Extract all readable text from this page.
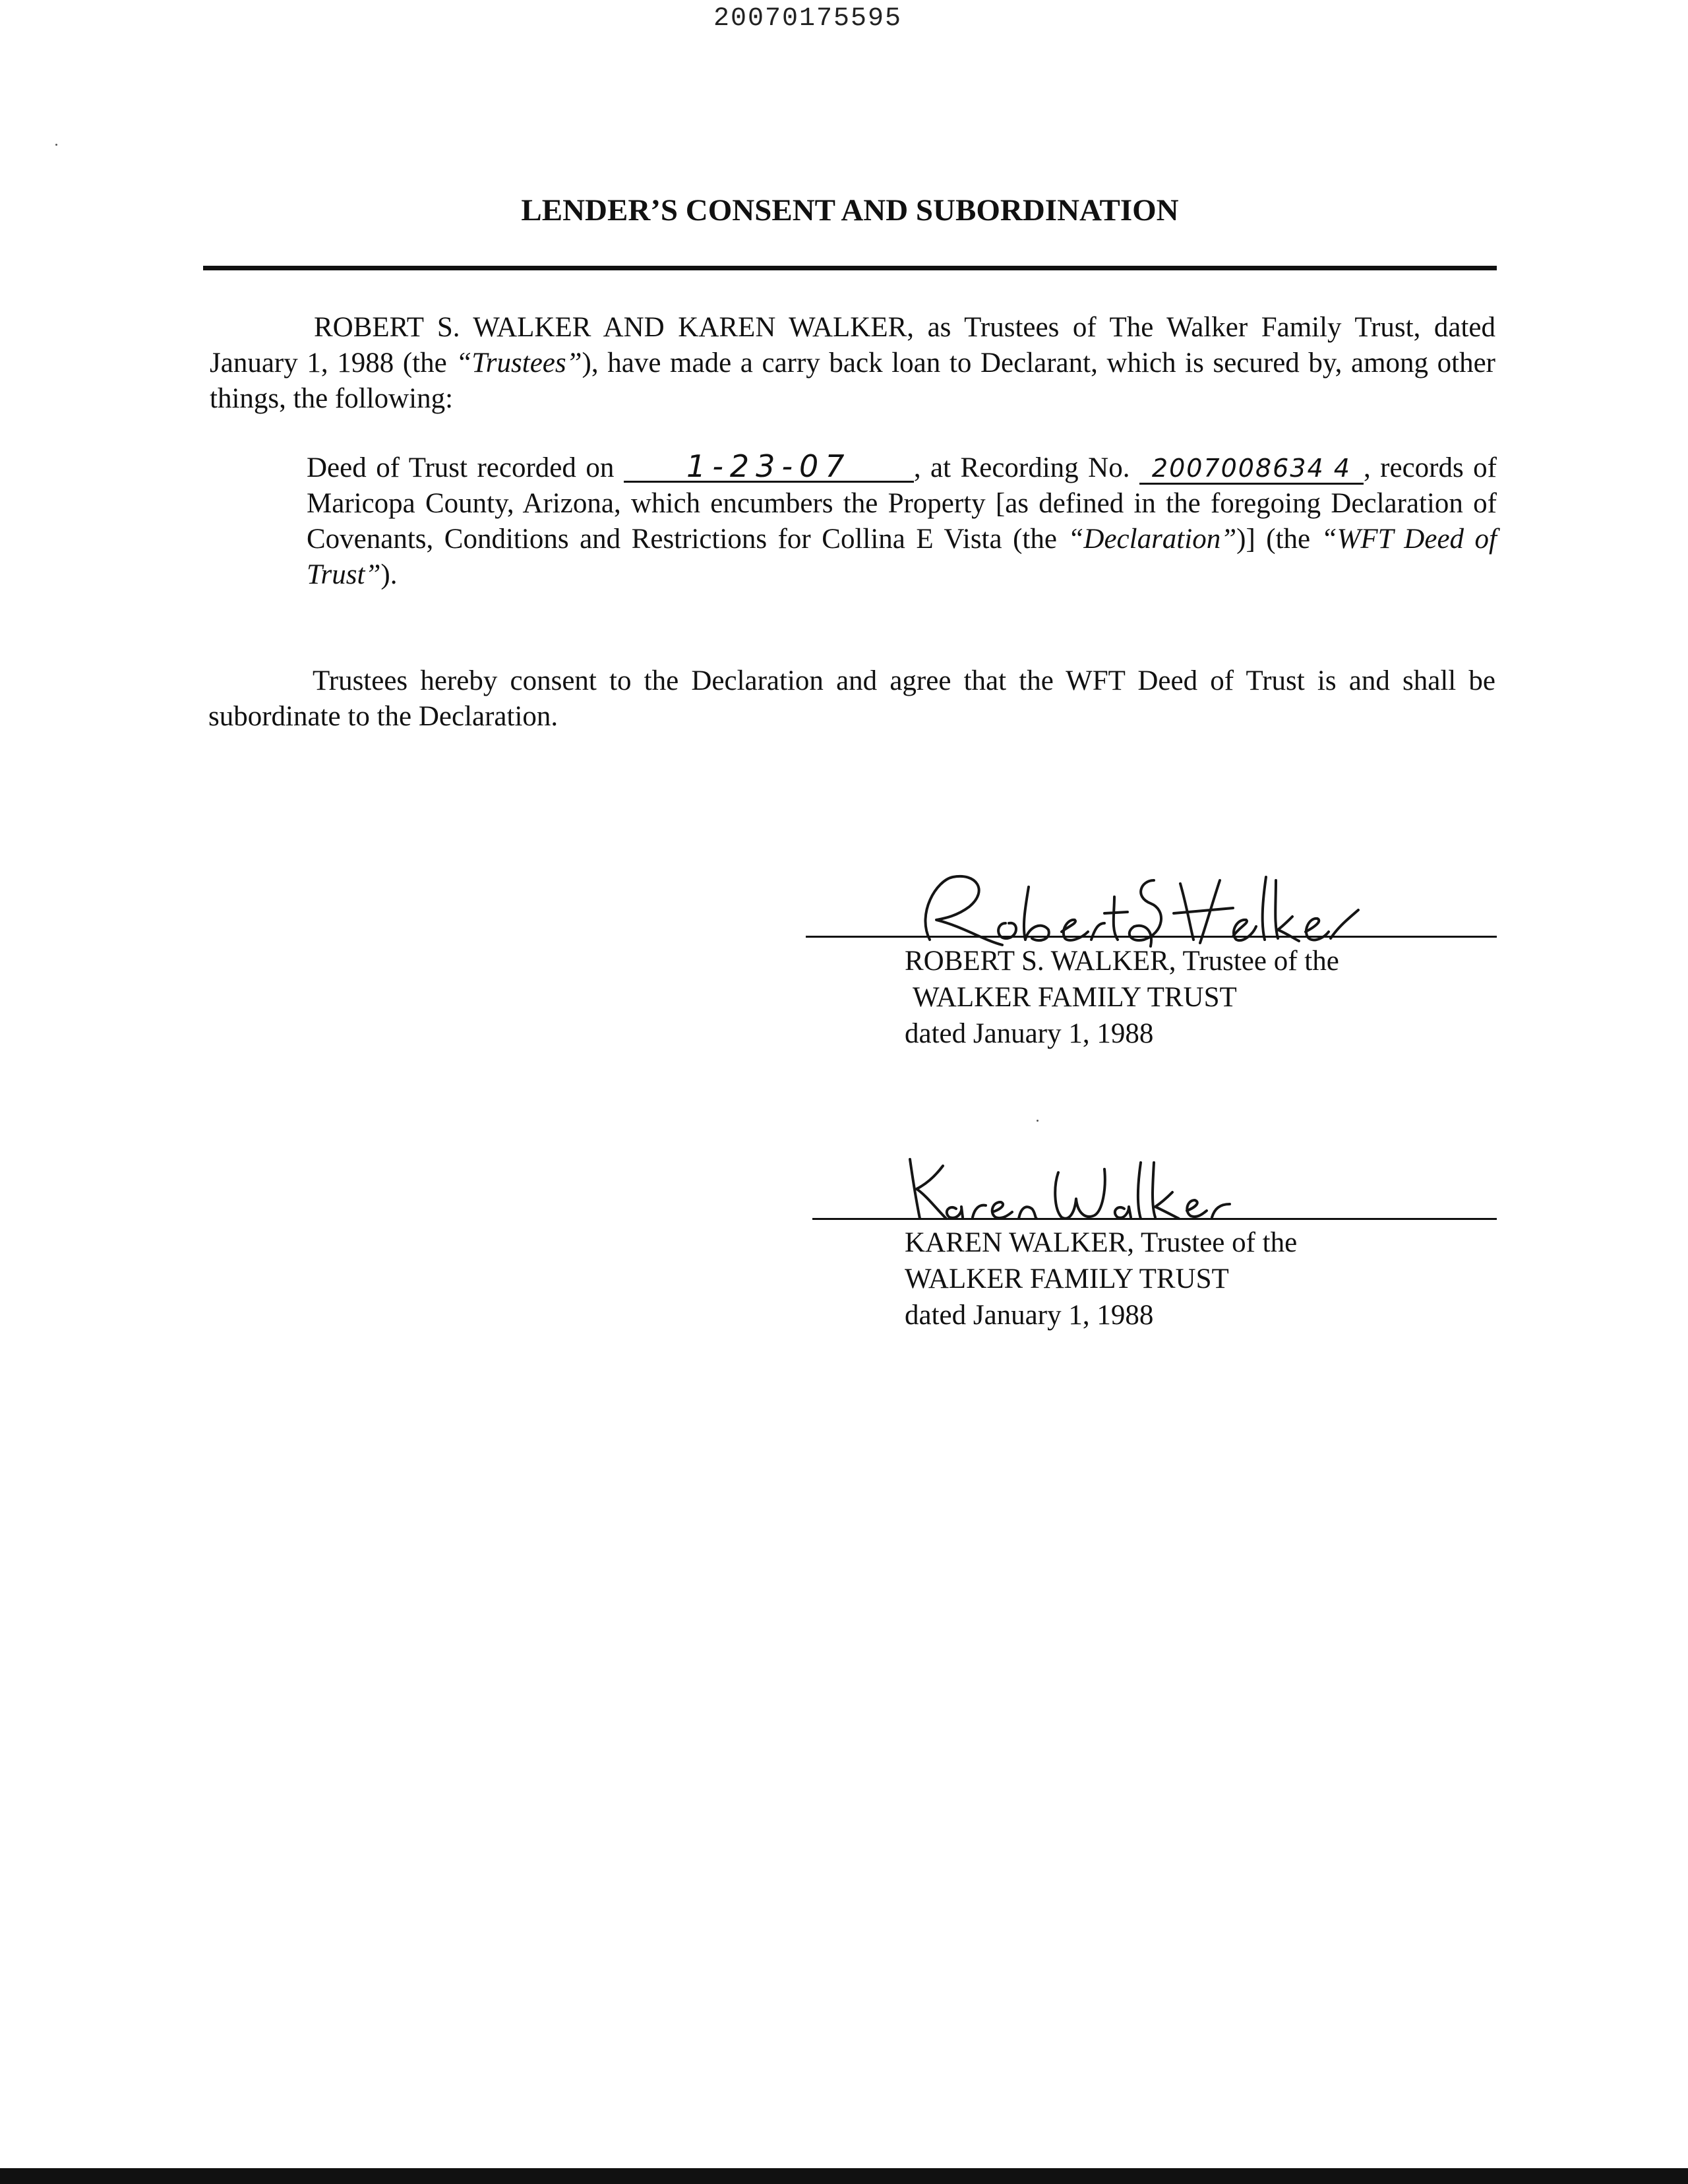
20070175595
LENDER’S CONSENT AND SUBORDINATION
ROBERT S. WALKER AND KAREN WALKER, as Trustees of The Walker Family Trust, dated January 1, 1988 (the “Trustees”), have made a carry back loan to Declarant, which is secured by, among other things, the following:
Deed of Trust recorded on 1-23-07 , at Recording No. 2007008634 4 , records of Maricopa County, Arizona, which encumbers the Property [as defined in the foregoing Declaration of Covenants, Conditions and Restrictions for Collina E Vista (the “Declaration”)] (the “WFT Deed of Trust”).
Trustees hereby consent to the Declaration and agree that the WFT Deed of Trust is and shall be subordinate to the Declaration.
ROBERT S. WALKER, Trustee of the
WALKER FAMILY TRUST
dated January 1, 1988
KAREN WALKER, Trustee of the
WALKER FAMILY TRUST
dated January 1, 1988
